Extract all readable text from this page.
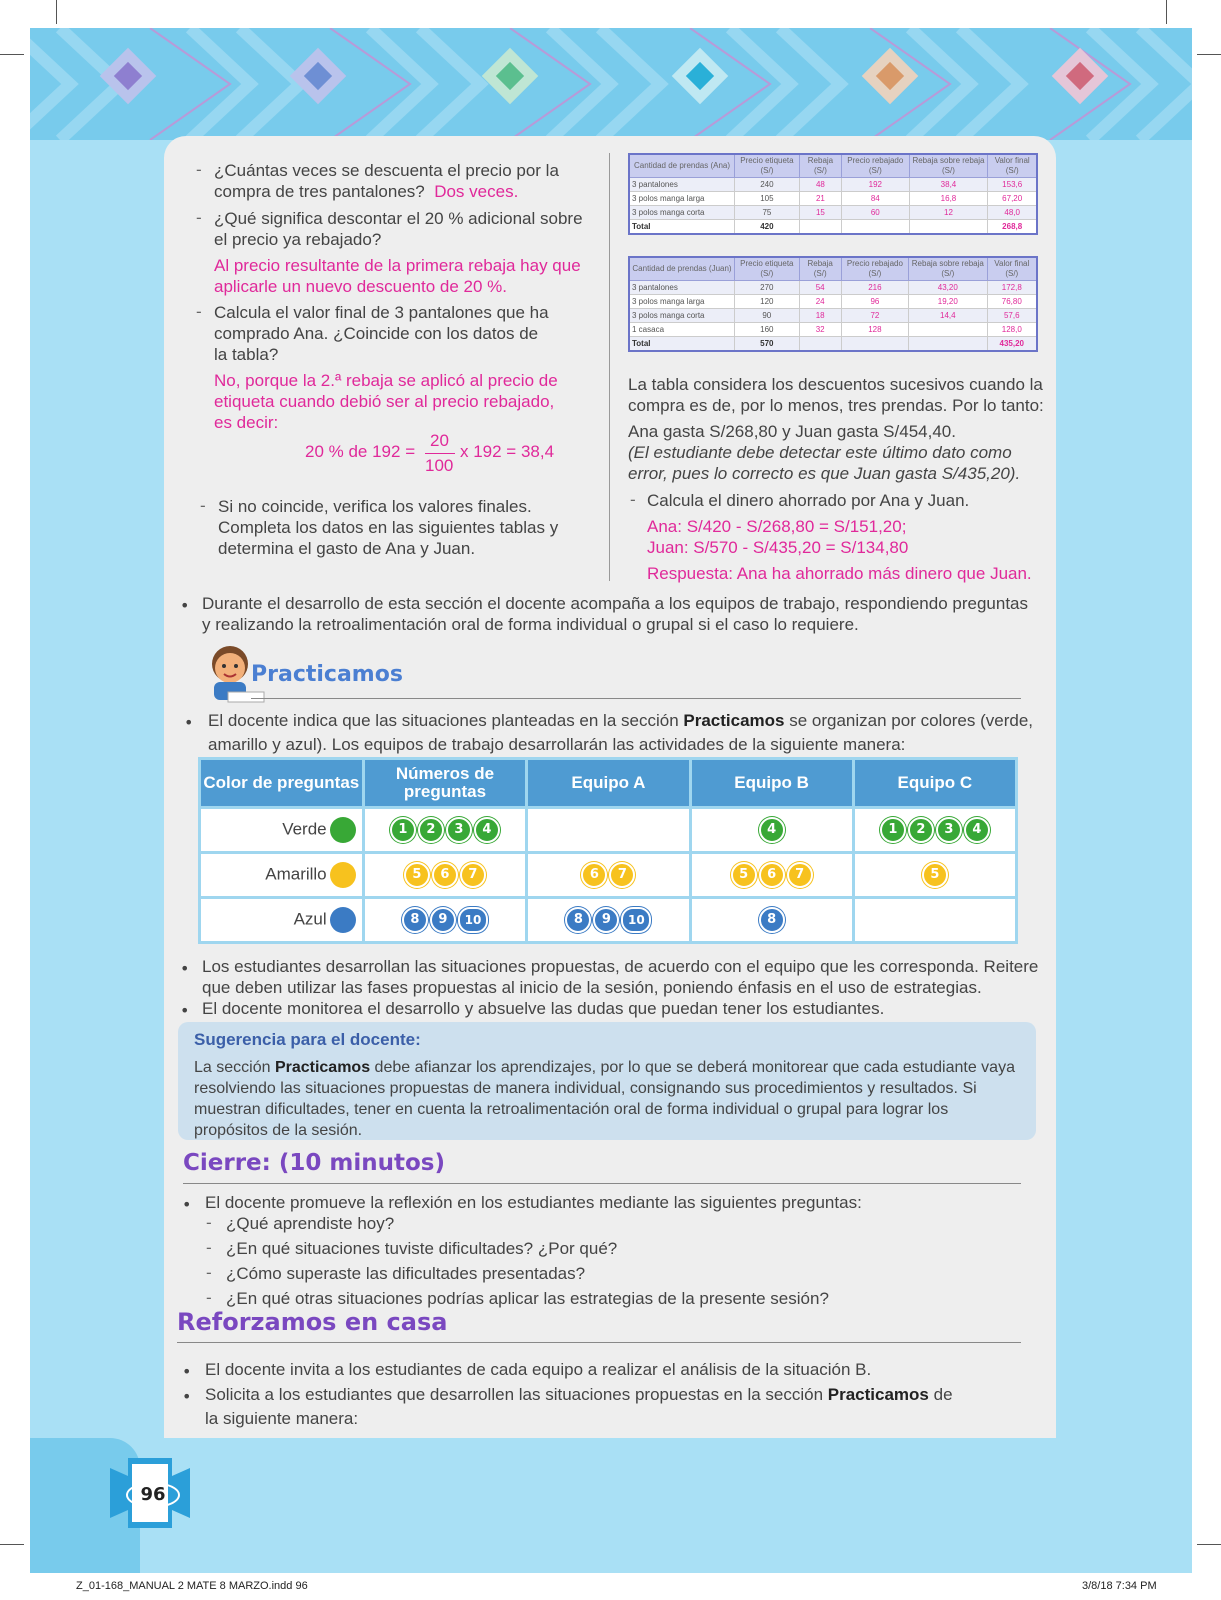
96
- ¿Cuántas veces se descuenta el precio por la
compra de tres pantalones? Dos veces.
- ¿Qué significa descontar el 20 % adicional sobre
el precio ya rebajado?
Al precio resultante de la primera rebaja hay que
aplicarle un nuevo descuento de 20 %.
- Calcula el valor final de 3 pantalones que ha
comprado Ana. ¿Coincide con los datos de
la tabla?
No, porque la 2.ª rebaja se aplicó al precio de
etiqueta cuando debió ser al precio rebajado,
es decir:
20 % de 192 =
20
100
x 192 = 38,4
- Si no coincide, verifica los valores finales.
Completa los datos en las siguientes tablas y
determina el gasto de Ana y Juan.
Cantidad de prendas (Ana)	Precio etiqueta (S/)	Rebaja (S/)	Precio rebajado (S/)	Rebaja sobre rebaja (S/)	Valor final (S/)
3 pantalones	240	48	192	38,4	153,6
3 polos manga larga	105	21	84	16,8	67,20
3 polos manga corta	75	15	60	12	48,0
Total	420				268,8
Cantidad de prendas (Juan)	Precio etiqueta (S/)	Rebaja (S/)	Precio rebajado (S/)	Rebaja sobre rebaja (S/)	Valor final (S/)
3 pantalones	270	54	216	43,20	172,8
3 polos manga larga	120	24	96	19,20	76,80
3 polos manga corta	90	18	72	14,4	57,6
1 casaca	160	32	128		128,0
Total	570				435,20
La tabla considera los descuentos sucesivos cuando la
compra es de, por lo menos, tres prendas. Por lo tanto:
Ana gasta S/268,80 y Juan gasta S/454,40.
(El estudiante debe detectar este último dato como
error, pues lo correcto es que Juan gasta S/435,20).
- Calcula el dinero ahorrado por Ana y Juan.
Ana: S/420 - S/268,80 = S/151,20;
Juan: S/570 - S/435,20 = S/134,80
Respuesta: Ana ha ahorrado más dinero que Juan.
• Durante el desarrollo de esta sección el docente acompaña a los equipos de trabajo, respondiendo preguntas
y realizando la retroalimentación oral de forma individual o grupal si el caso lo requiere.
Practicamos
• El docente indica que las situaciones planteadas en la sección Practicamos se organizan por colores (verde,
amarillo y azul). Los equipos de trabajo desarrollarán las actividades de la siguiente manera:
Color de preguntas	Números de preguntas	Equipo A	Equipo B	Equipo C
Verde	1 2 3 4		4	1 2 3 4
Amarillo	5 6 7	6 7	5 6 7	5
Azul	8 9 10	8 9 10	8	
• Los estudiantes desarrollan las situaciones propuestas, de acuerdo con el equipo que les corresponda. Reitere
que deben utilizar las fases propuestas al inicio de la sesión, poniendo énfasis en el uso de estrategias.
• El docente monitorea el desarrollo y absuelve las dudas que puedan tener los estudiantes.
Sugerencia para el docente:
La sección Practicamos debe afianzar los aprendizajes, por lo que se deberá monitorear que cada estudiante vaya resolviendo las situaciones propuestas de manera individual, consignando sus procedimientos y resultados. Si muestran dificultades, tener en cuenta la retroalimentación oral de forma individual o grupal para lograr los propósitos de la sesión.
Cierre: (10 minutos)
• El docente promueve la reflexión en los estudiantes mediante las siguientes preguntas:
- ¿Qué aprendiste hoy?
- ¿En qué situaciones tuviste dificultades? ¿Por qué?
- ¿Cómo superaste las dificultades presentadas?
- ¿En qué otras situaciones podrías aplicar las estrategias de la presente sesión?
Reforzamos en casa
• El docente invita a los estudiantes de cada equipo a realizar el análisis de la situación B.
• Solicita a los estudiantes que desarrollen las situaciones propuestas en la sección Practicamos de
la siguiente manera:
Z_01-168_MANUAL 2 MATE 8 MARZO.indd 96	3/8/18 7:34 PM
